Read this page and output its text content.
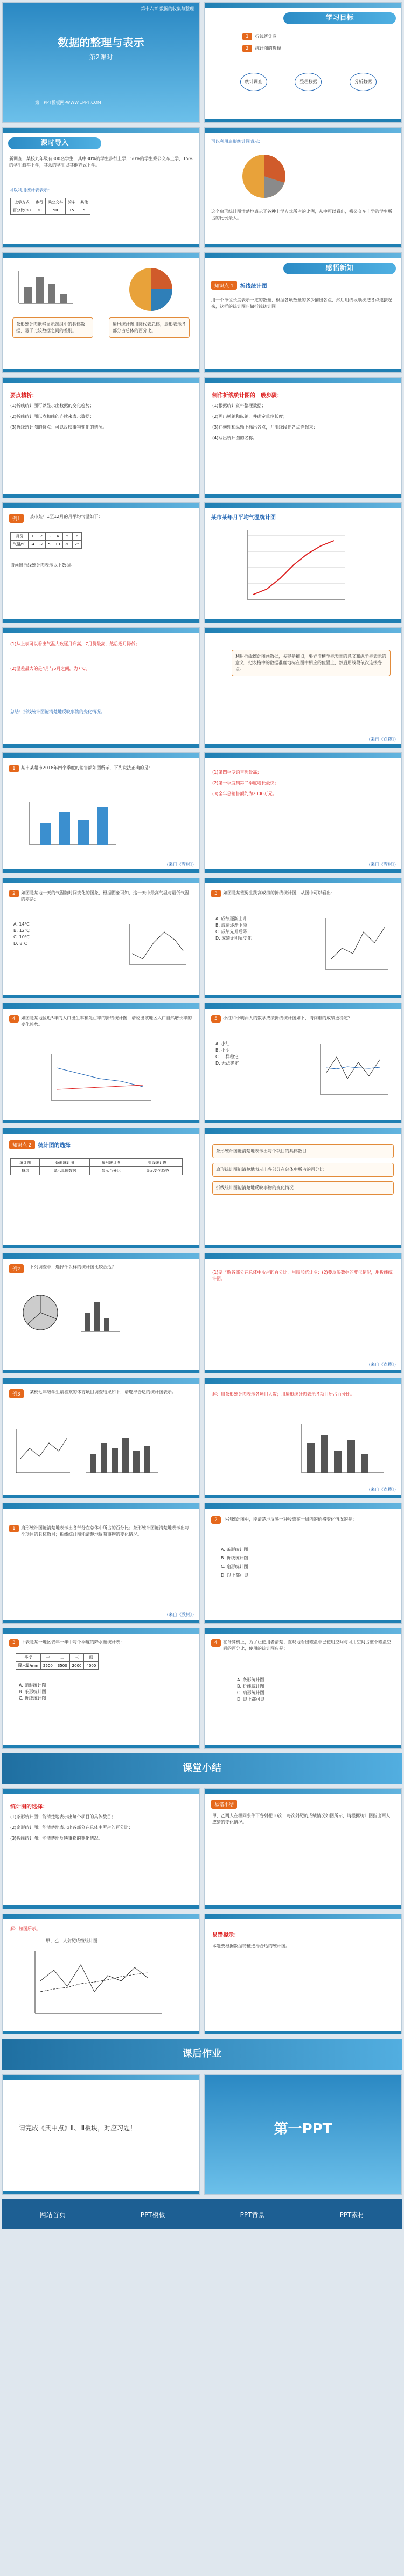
第十六章 数据的收集与整理
数据的整理与表示
第2课时
第一PPT模板网-WWW.1PPT.COM
学习目标
1	折线统计图
2	统计图的选择
统计调查	整理数据	分析数据
课时导入
新调查，某校九年级有300名学生，其中30%的学生步行上学，50%的学生乘公交车上学，15%的学生骑车上学，其余的学生以其他方式上学。
可以利用统计表表示：
上学方式	步行	乘公交车	骑车	其他
百分比(%)	30	50	15	5
可以利用扇形统计图表示：
这个扇形统计图清楚地表示了各种上学方式所占的比例，从中可以看出，乘公交车上学的学生所占的比例最大。
条形统计图能够显示每组中的具体数据，易于比较数据之间的差别。
扇形统计图用圆代表总体，扇形表示各部分占总体的百分比。
感悟新知
知识点 1	折线统计图
用一个单位长度表示一定的数量，根据各项数量的多少描出各点，然后用线段顺次把各点连接起来，这样的统计图叫做折线统计图。
要点精析：
(1)折线统计图可以显示出数据的变化趋势；
(2)折线统计图以点和线的连续来表示数据；
(3)折线统计图的特点：可以反映事物变化的情况。
制作折线统计图的一般步骤：
(1)根据统计资料整理数据；
(2)画出横轴和纵轴，并确定单位长度；
(3)在横轴和纵轴上标出各点，并用线段把各点连起来；
(4)写出统计图的名称。
例1	某市某年1至12月的月平均气温如下：
月份	1	2	3	4	5	6
气温/℃	-4	-2	5	13	20	25
请画出折线统计图表示以上数据。
某市某年月平均气温统计图
(1)从上表可以看出气温大致逐月升高，7月份最高，然后逐月降低；
(2)温差最大的是4月与5月之间，为7℃。
总结：折线统计图能清楚地反映事物的变化情况。
利用折线统计图画数据，关键是描点，要弄清横坐标表示的意义和纵坐标表示的意义，把表格中的数据准确地标在图中相应的位置上，然后用线段依次连接各点。
(来自《点拨》)
1	某市某超市2018年四个季度的销售额如图所示，下列说法正确的是：
(来自《教材》)
(1)第四季度销售额最高；
(2)第一季度到第二季度增长最快；
(3)全年总销售额约为2000万元。
(来自《教材》)
2	如图是某地一天的气温随时间变化的图象，根据图象可知，这一天中最高气温与最低气温的差是：
A. 14℃
B. 12℃
C. 10℃
D. 8℃
3	如图是某班男生跳高成绩的折线统计图，从图中可以看出：
A. 成绩逐渐上升
B. 成绩逐渐下降
C. 成绩先升后降
D. 成绩无明显变化
4	如图是某地区近5年的人口出生率和死亡率的折线统计图，请说出该地区人口自然增长率的变化趋势。
5	小红和小明两人的数学成绩折线统计图如下，请问谁的成绩更稳定？
A. 小红
B. 小明
C. 一样稳定
D. 无法确定
知识点 2	统计图的选择
统计图	条形统计图	扇形统计图	折线统计图
特点	显示具体数据	显示百分比	显示变化趋势
条形统计图能清楚地表示出每个项目的具体数目
扇形统计图能清楚地表示出各部分在总体中所占的百分比
折线统计图能清楚地反映事物的变化情况
例2	下列调查中，选择什么样的统计图比较合适？
(1)要了解各部分在总体中所占的百分比，用扇形统计图；(2)要反映数据的变化情况，用折线统计图。
(来自《点拨》)
例3	某校七年级学生最喜欢的体育项目调查结果如下，请选择合适的统计图表示。	解：用条形统计图表示各项目人数；用扇形统计图表示各项目所占百分比。
(来自《点拨》)
1	扇形统计图能清楚地表示出各部分在总体中所占的百分比；条形统计图能清楚地表示出每个项目的具体数目；折线统计图能清楚地反映事物的变化情况。
(来自《教材》)
2	下列统计图中，能清楚地反映一种股票在一周内的价格变化情况的是：
A. 条形统计图
B. 折线统计图
C. 扇形统计图
D. 以上都可以
3	下表是某一地区去年一年中每个季度的降水量统计表：
季度	一	二	三	四
降水量/mm	2500	3500	2000	4000
A. 扇形统计图
B. 条形统计图
C. 折线统计图
4	在计算机上，为了让使用者清楚、直观地看出磁盘中已使用空间与可用空间占整个磁盘空间的百分比，使用的统计图应是：
A. 条形统计图
B. 折线统计图
C. 扇形统计图
D. 以上都可以
课堂小结
统计图的选择：
(1)条形统计图：能清楚地表示出每个项目的具体数目；
(2)扇形统计图：能清楚地表示出各部分在总体中所占的百分比；
(3)折线统计图：能清楚地反映事物的变化情况。
易错小结
甲、乙两人在相同条件下各射靶10次，每次射靶的成绩情况如图所示，请根据统计图指出两人成绩的变化情况。
解：如图所示。
甲、乙二人射靶成绩统计图
易错提示：
本题要根据数据特征选择合适的统计图。
课后作业
请完成《典中点》Ⅱ、Ⅲ板块，对应习题！	第一PPT
网站首页	PPT模板	PPT背景	PPT素材
